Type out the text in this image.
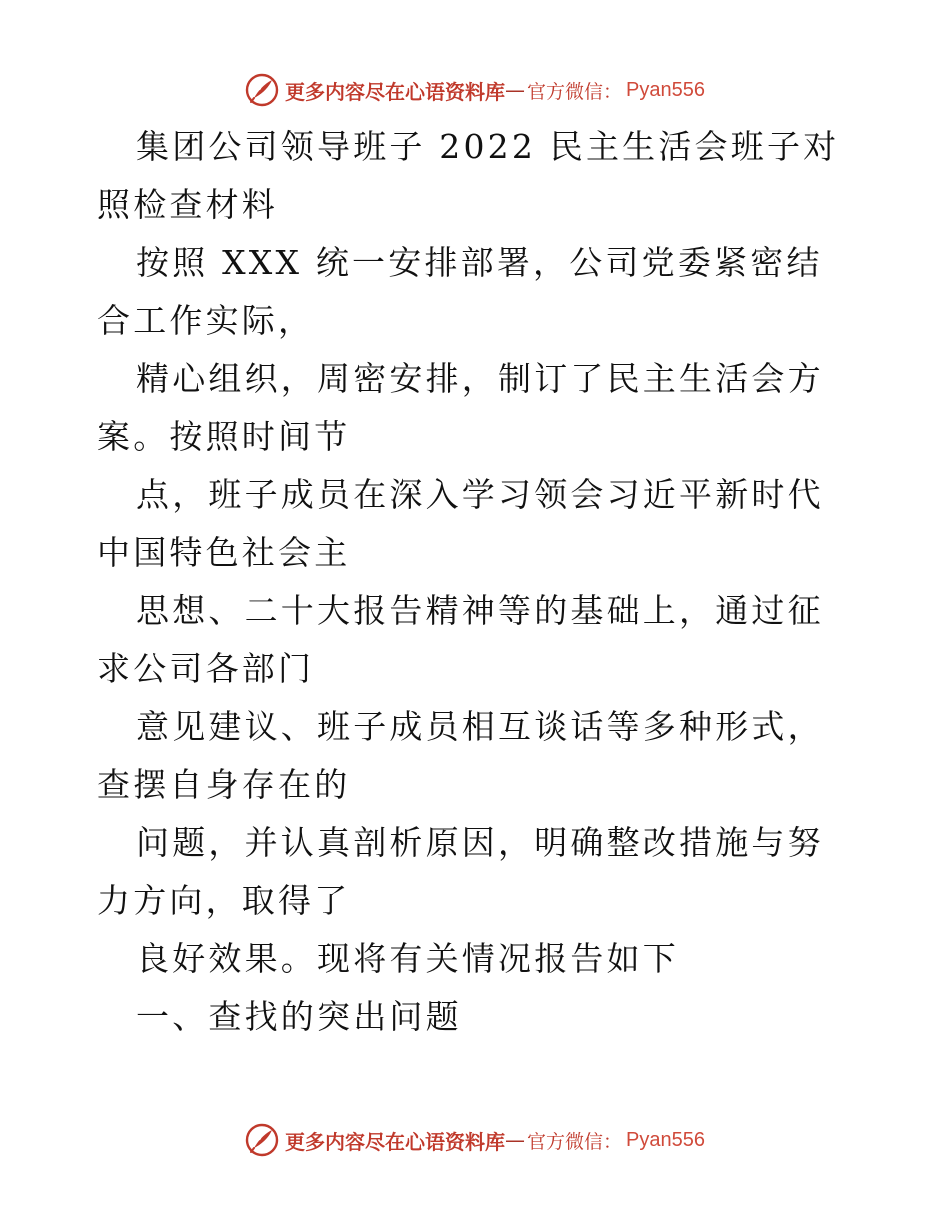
更多内容尽在心语资料库 — 官方微信： Pyan556

集团公司领导班子 2022 民主生活会班子对照检查材料

按照 XXX 统一安排部署，公司党委紧密结合工作实际，

精心组织，周密安排，制订了民主生活会方案。按照时间节

点，班子成员在深入学习领会习近平新时代中国特色社会主

思想、二十大报告精神等的基础上，通过征求公司各部门

意见建议、班子成员相互谈话等多种形式，查摆自身存在的

问题，并认真剖析原因，明确整改措施与努力方向，取得了

良好效果。现将有关情况报告如下

一、查找的突出问题

更多内容尽在心语资料库 — 官方微信： Pyan556
